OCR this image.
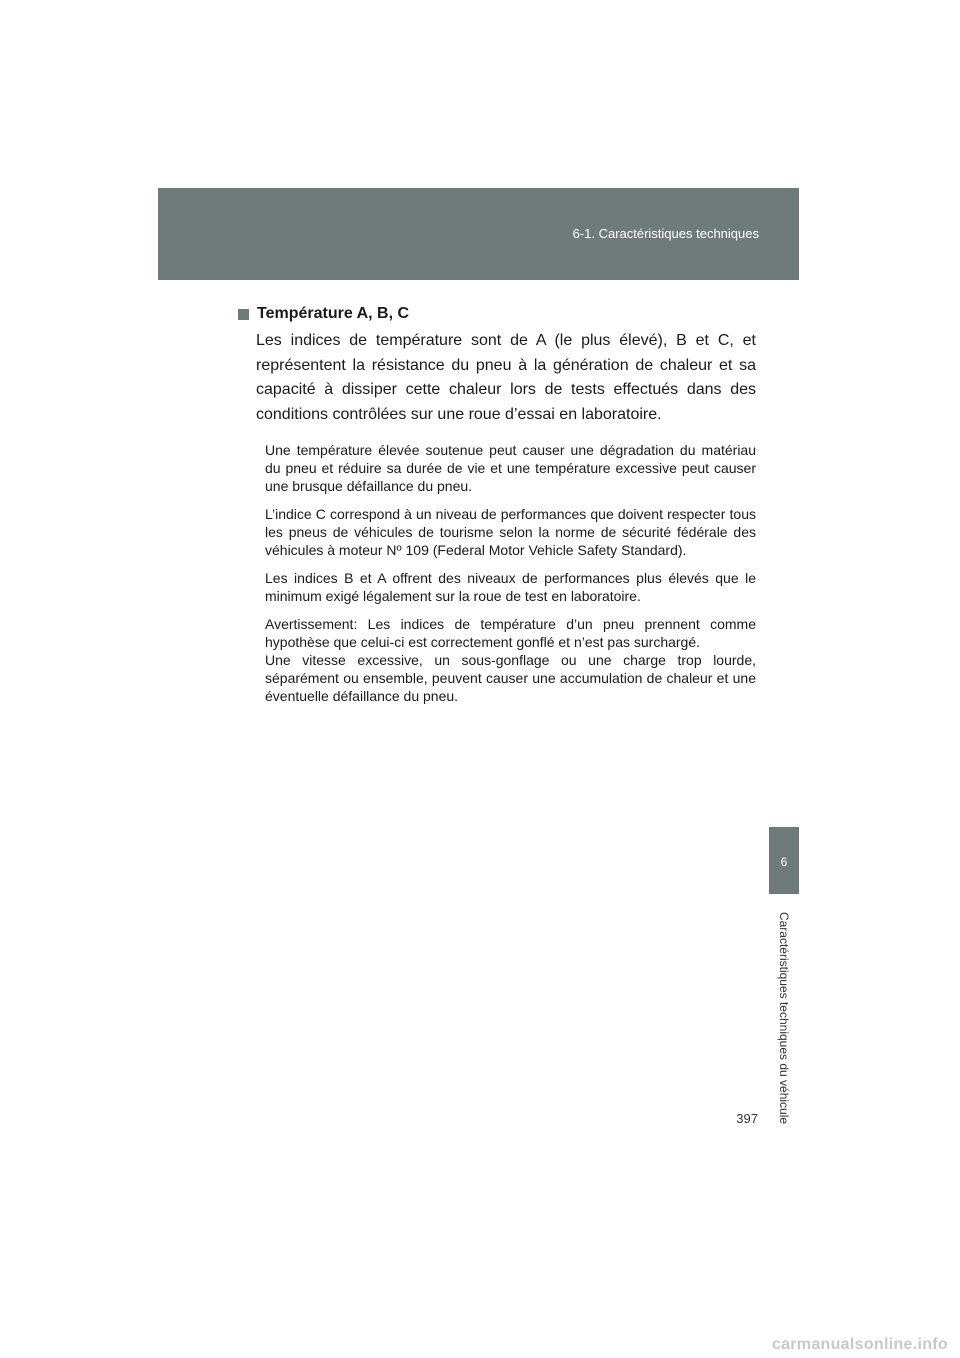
6-1. Caractéristiques techniques
6
Caractéristiques techniques du véhicule
397
Température A, B, C

Les indices de température sont de A (le plus élevé), B et C, et représentent la résistance du pneu à la génération de chaleur et sa capacité à dissiper cette chaleur lors de tests effectués dans des conditions contrôlées sur une roue d’essai en laboratoire.

Une température élevée soutenue peut causer une dégradation du matériau du pneu et réduire sa durée de vie et une température excessive peut causer une brusque défaillance du pneu.

L’indice C correspond à un niveau de performances que doivent respecter tous les pneus de véhicules de tourisme selon la norme de sécurité fédérale des véhicules à moteur Nº 109 (Federal Motor Vehicle Safety Standard).

Les indices B et A offrent des niveaux de performances plus élevés que le minimum exigé légalement sur la roue de test en laboratoire.

Avertissement: Les indices de température d’un pneu prennent comme hypothèse que celui-ci est correctement gonflé et n’est pas surchargé.
Une vitesse excessive, un sous-gonflage ou une charge trop lourde, séparément ou ensemble, peuvent causer une accumulation de chaleur et une éventuelle défaillance du pneu.

carmanualsonline.info
